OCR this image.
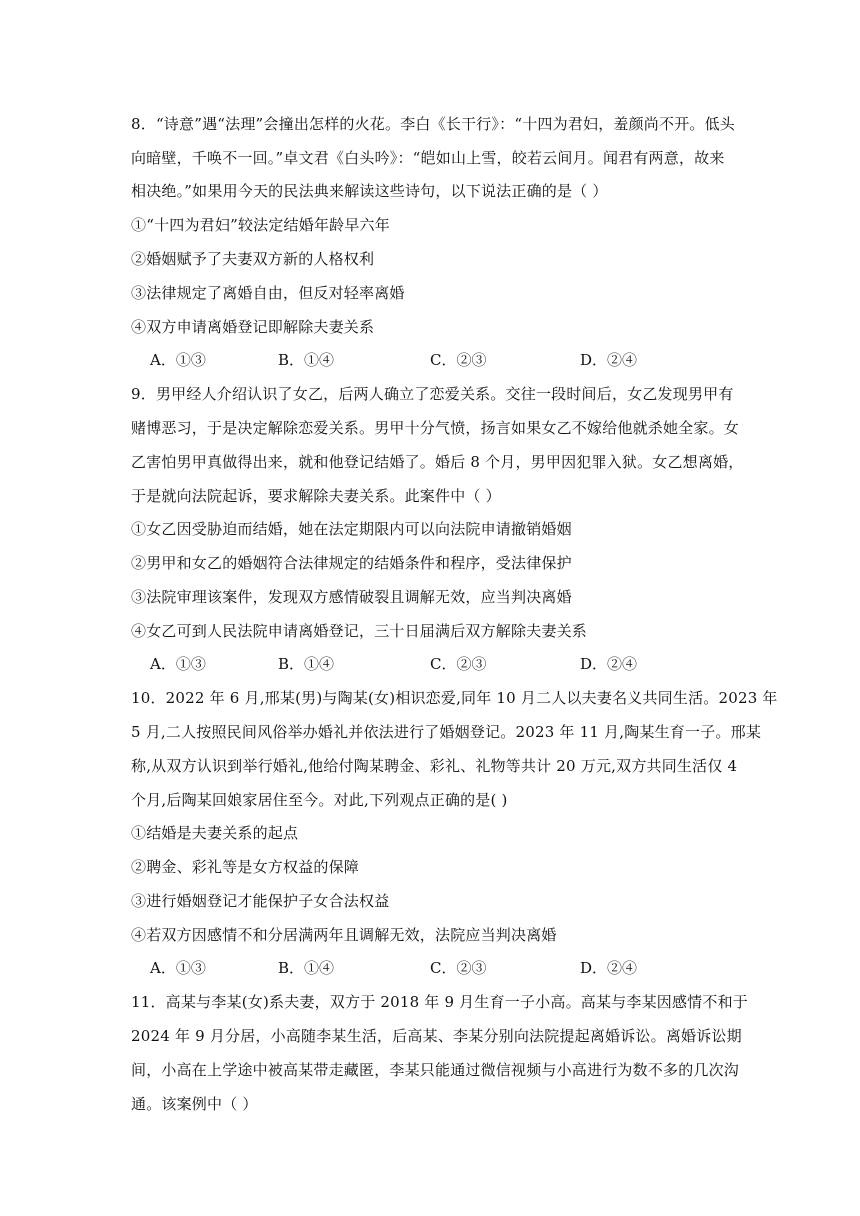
8．“诗意”遇“法理”会撞出怎样的火花。李白《长干行》：“十四为君妇，羞颜尚不开。低头
向暗壁，千唤不一回。”卓文君《白头吟》：“皑如山上雪，皎若云间月。闻君有两意，故来
相决绝。”如果用今天的民法典来解读这些诗句，以下说法正确的是（ ）
①“十四为君妇”较法定结婚年龄早六年
②婚姻赋予了夫妻双方新的人格权利
③法律规定了离婚自由，但反对轻率离婚
④双方申请离婚登记即解除夫妻关系
A．①③	B．①④	C．②③	D．②④
9．男甲经人介绍认识了女乙，后两人确立了恋爱关系。交往一段时间后，女乙发现男甲有
赌博恶习，于是决定解除恋爱关系。男甲十分气愤，扬言如果女乙不嫁给他就杀她全家。女
乙害怕男甲真做得出来，就和他登记结婚了。婚后 8 个月，男甲因犯罪入狱。女乙想离婚，
于是就向法院起诉，要求解除夫妻关系。此案件中（ ）
①女乙因受胁迫而结婚，她在法定期限内可以向法院申请撤销婚姻
②男甲和女乙的婚姻符合法律规定的结婚条件和程序，受法律保护
③法院审理该案件，发现双方感情破裂且调解无效，应当判决离婚
④女乙可到人民法院申请离婚登记，三十日届满后双方解除夫妻关系
A．①③	B．①④	C．②③	D．②④
10．2022 年 6 月,邢某(男)与陶某(女)相识恋爱,同年 10 月二人以夫妻名义共同生活。2023 年
5 月,二人按照民间风俗举办婚礼并依法进行了婚姻登记。2023 年 11 月,陶某生育一子。邢某
称,从双方认识到举行婚礼,他给付陶某聘金、彩礼、礼物等共计 20 万元,双方共同生活仅 4
个月,后陶某回娘家居住至今。对此,下列观点正确的是( )
①结婚是夫妻关系的起点
②聘金、彩礼等是女方权益的保障
③进行婚姻登记才能保护子女合法权益
④若双方因感情不和分居满两年且调解无效，法院应当判决离婚
A．①③	B．①④	C．②③	D．②④
11．高某与李某(女)系夫妻，双方于 2018 年 9 月生育一子小高。高某与李某因感情不和于
2024 年 9 月分居，小高随李某生活，后高某、李某分别向法院提起离婚诉讼。离婚诉讼期
间，小高在上学途中被高某带走藏匿，李某只能通过微信视频与小高进行为数不多的几次沟
通。该案例中（ ）
